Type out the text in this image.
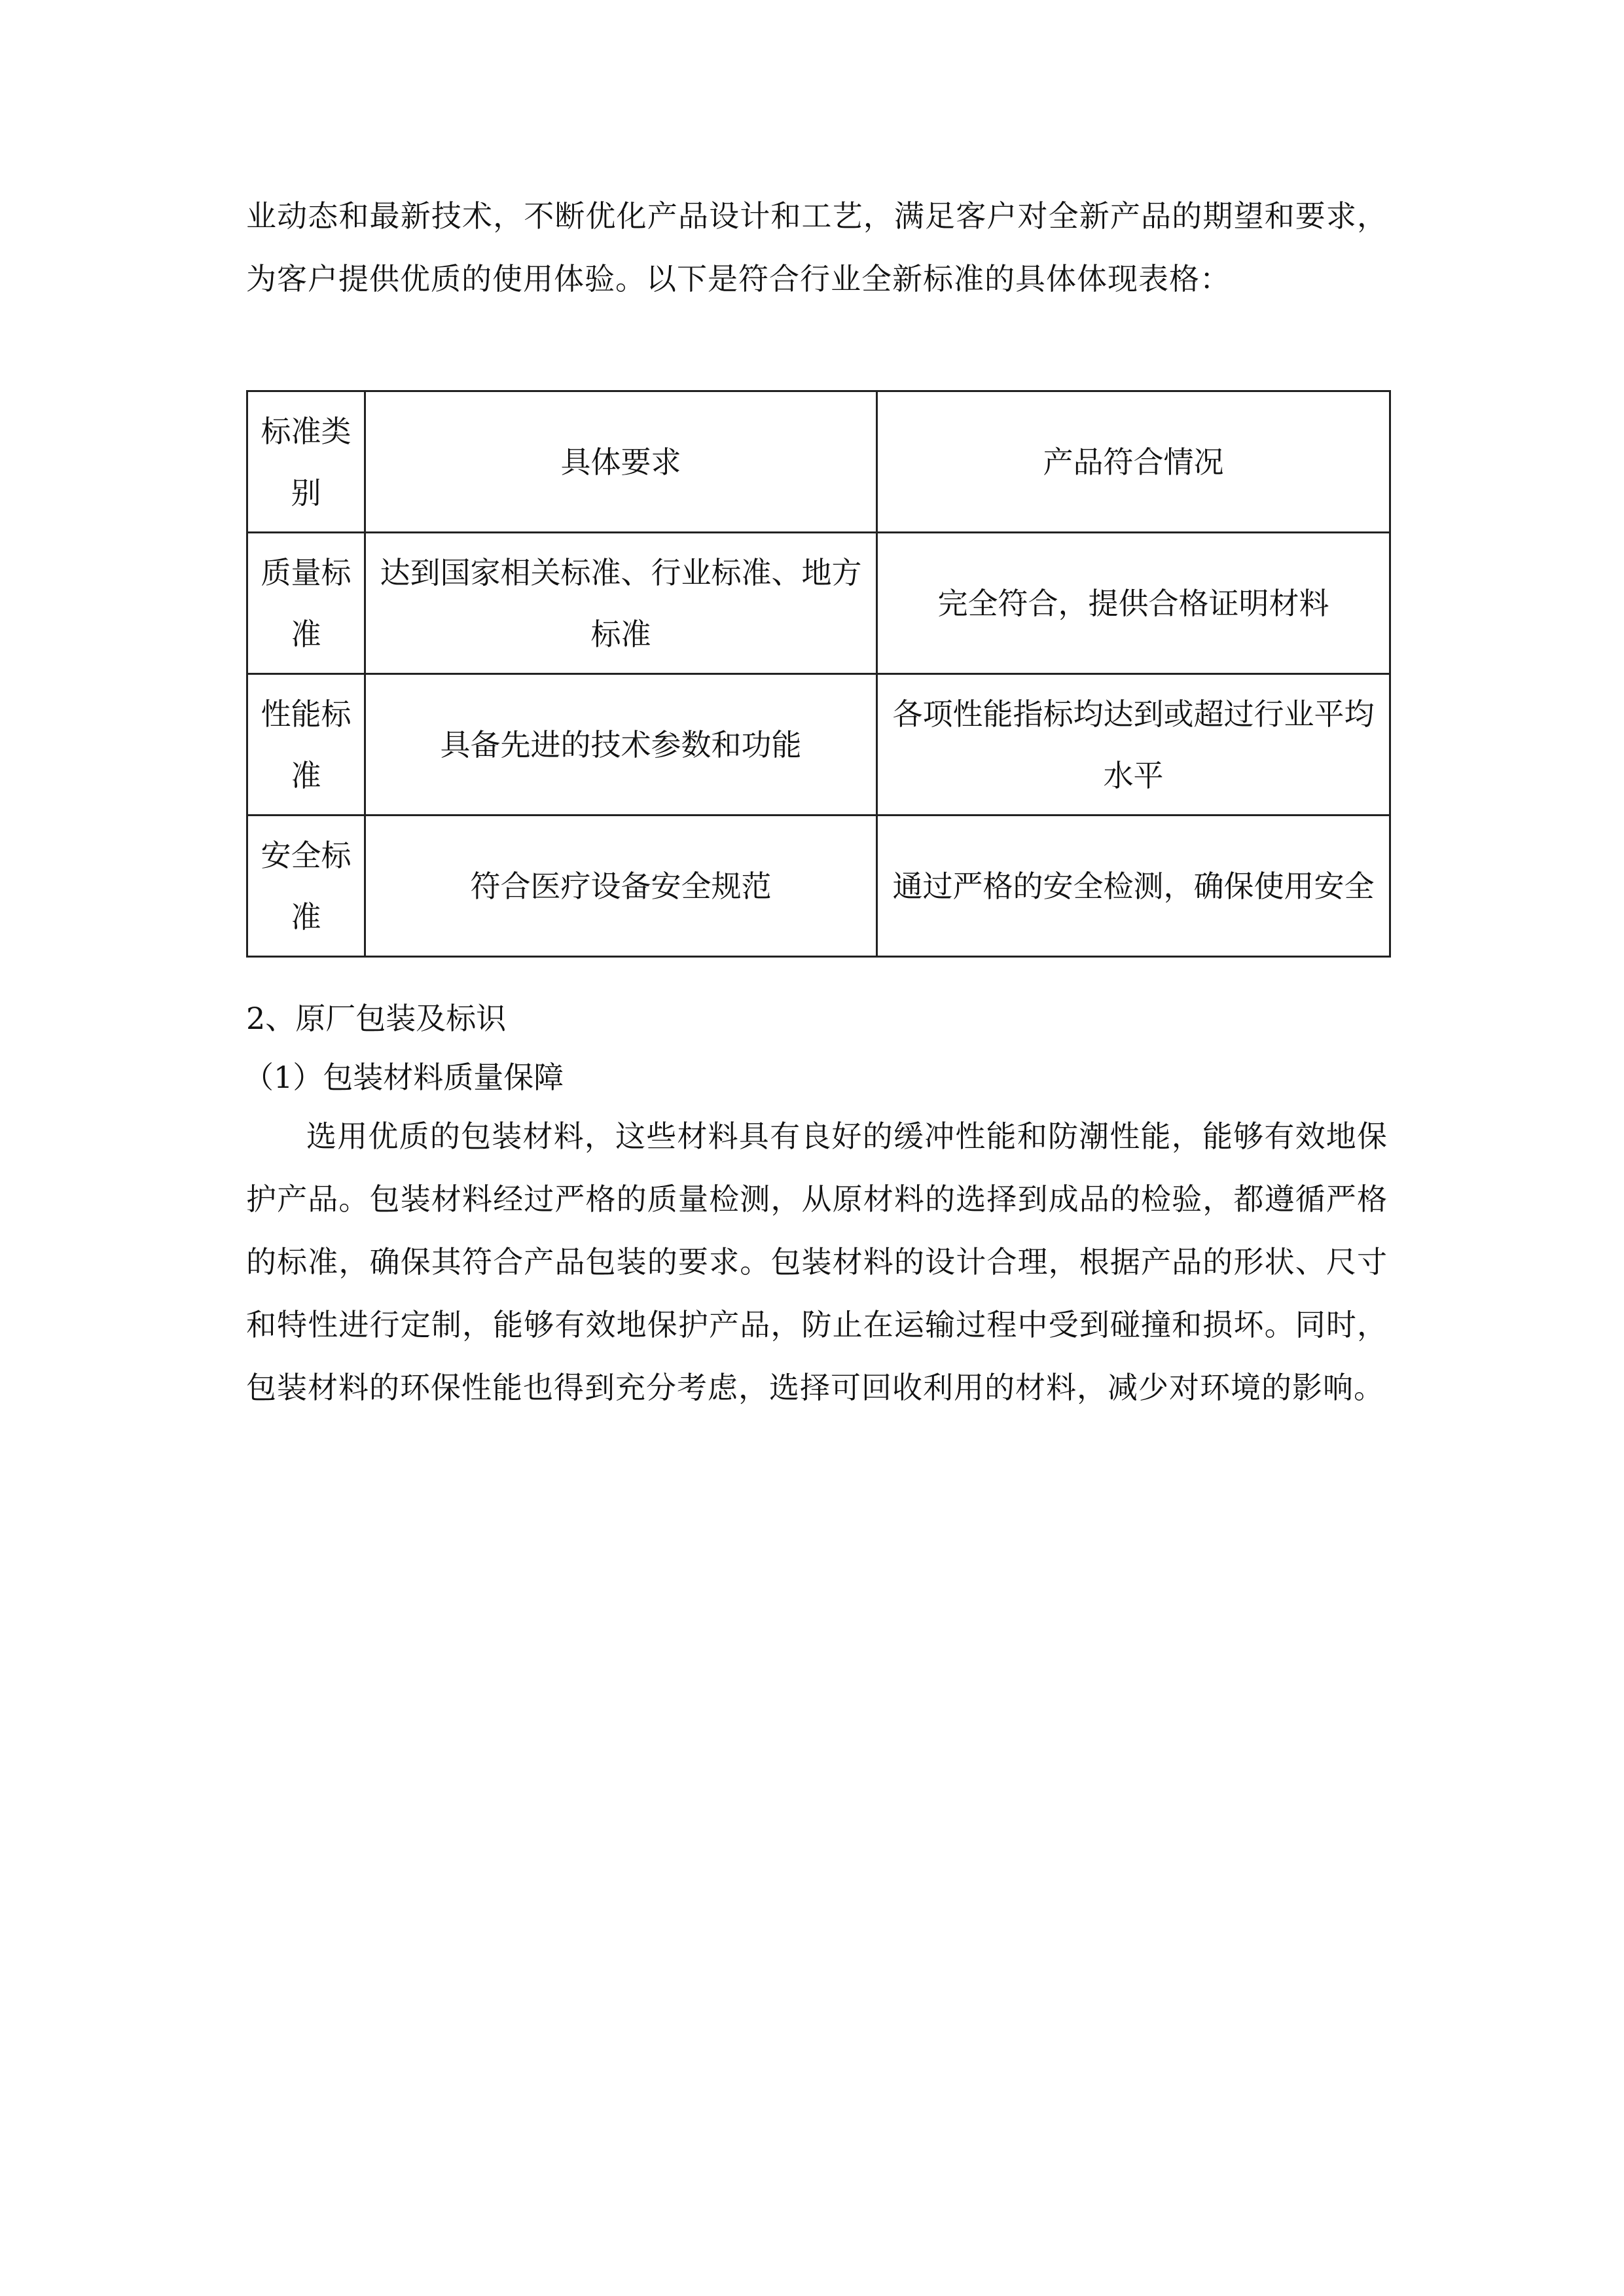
业动态和最新技术，不断优化产品设计和工艺，满足客户对全新产品的期望和要求，为客户提供优质的使用体验。以下是符合行业全新标准的具体体现表格：

标准类别	具体要求	产品符合情况
质量标准	达到国家相关标准、行业标准、地方标准	完全符合，提供合格证明材料
性能标准	具备先进的技术参数和功能	各项性能指标均达到或超过行业平均水平
安全标准	符合医疗设备安全规范	通过严格的安全检测，确保使用安全

2、原厂包装及标识

（1）包装材料质量保障

选用优质的包装材料，这些材料具有良好的缓冲性能和防潮性能，能够有效地保护产品。包装材料经过严格的质量检测，从原材料的选择到成品的检验，都遵循严格的标准，确保其符合产品包装的要求。包装材料的设计合理，根据产品的形状、尺寸和特性进行定制，能够有效地保护产品，防止在运输过程中受到碰撞和损坏。同时，包装材料的环保性能也得到充分考虑，选择可回收利用的材料，减少对环境的影响。
